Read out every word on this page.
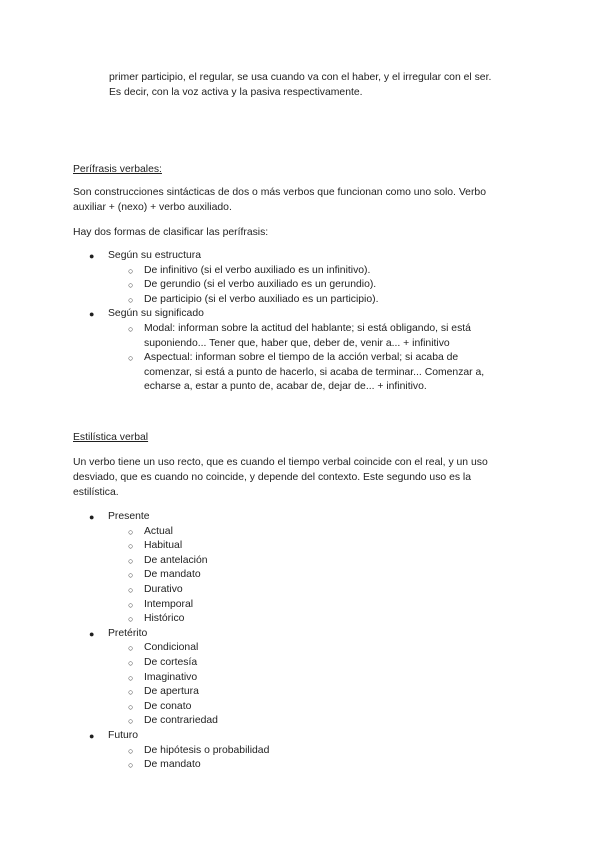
primer participio, el regular, se usa cuando va con el haber, y el irregular con el ser.

Es decir, con la voz activa y la pasiva respectivamente.

Perífrasis verbales:

Son construcciones sintácticas de dos o más verbos que funcionan como uno solo. Verbo

auxiliar + (nexo) + verbo auxiliado.

Hay dos formas de clasificar las perífrasis:

● Según su estructura
○ De infinitivo (si el verbo auxiliado es un infinitivo).
○ De gerundio (si el verbo auxiliado es un gerundio).
○ De participio (si el verbo auxiliado es un participio).
● Según su significado
○ Modal: informan sobre la actitud del hablante; si está obligando, si está
suponiendo... Tener que, haber que, deber de, venir a... + infinitivo
○ Aspectual: informan sobre el tiempo de la acción verbal; si acaba de
comenzar, si está a punto de hacerlo, si acaba de terminar... Comenzar a,
echarse a, estar a punto de, acabar de, dejar de... + infinitivo.
Estilística verbal

Un verbo tiene un uso recto, que es cuando el tiempo verbal coincide con el real, y un uso

desviado, que es cuando no coincide, y depende del contexto. Este segundo uso es la

estilística.

● Presente
○ Actual
○ Habitual
○ De antelación
○ De mandato
○ Durativo
○ Intemporal
○ Histórico
● Pretérito
○ Condicional
○ De cortesía
○ Imaginativo
○ De apertura
○ De conato
○ De contrariedad
● Futuro
○ De hipótesis o probabilidad
○ De mandato
